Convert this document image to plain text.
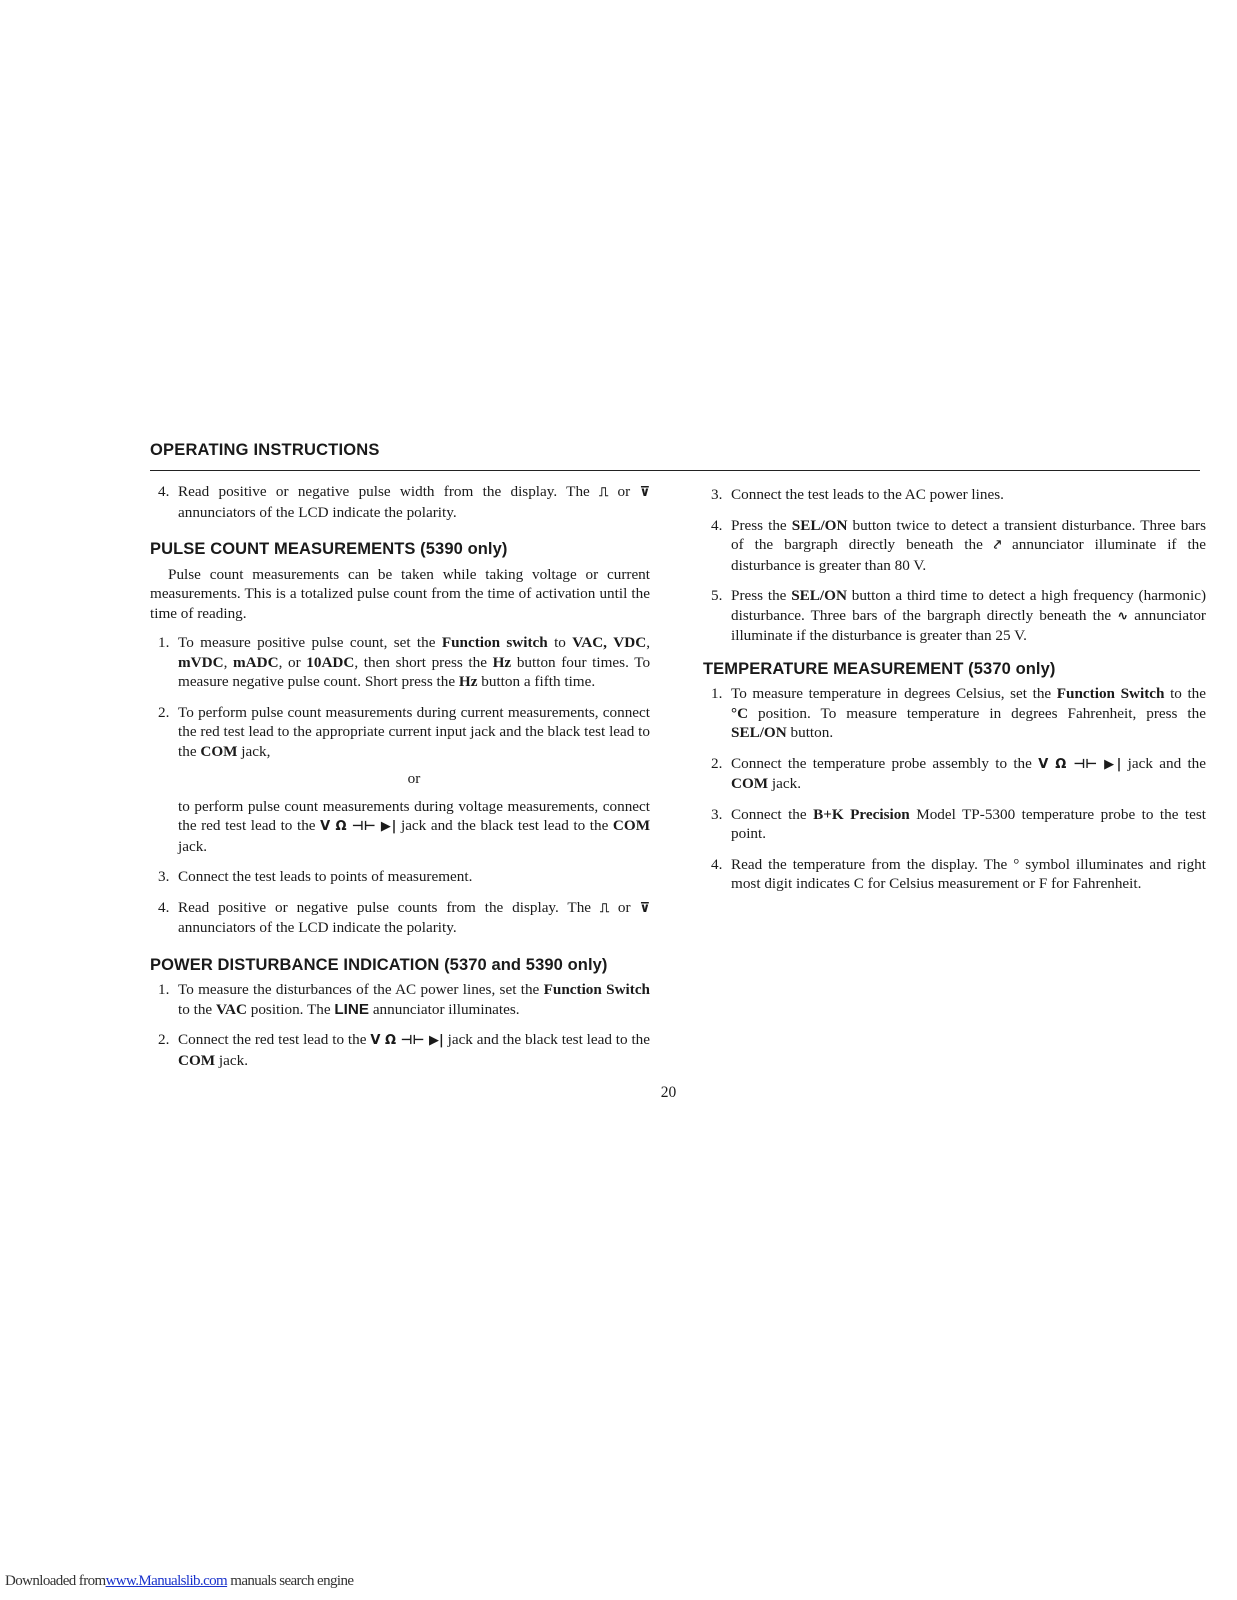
OPERATING INSTRUCTIONS
4. Read positive or negative pulse width from the display. The ⎍ or ⊽ annunciators of the LCD indicate the polarity.
PULSE COUNT MEASUREMENTS (5390 only)
Pulse count measurements can be taken while taking voltage or current measurements. This is a totalized pulse count from the time of activation until the time of reading.
1. To measure positive pulse count, set the Function switch to VAC, VDC, mVDC, mADC, or 10ADC, then short press the Hz button four times. To measure negative pulse count. Short press the Hz button a fifth time.
2. To perform pulse count measurements during current measurements, connect the red test lead to the appropriate current input jack and the black test lead to the COM jack,
or
to perform pulse count measurements during voltage measurements, connect the red test lead to the V Ω ⊣⊢ ▶| jack and the black test lead to the COM jack.
3. Connect the test leads to points of measurement.
4. Read positive or negative pulse counts from the display. The ⎍ or ⊽ annunciators of the LCD indicate the polarity.
POWER DISTURBANCE INDICATION (5370 and 5390 only)
1. To measure the disturbances of the AC power lines, set the Function Switch to the VAC position. The LINE annunciator illuminates.
2. Connect the red test lead to the V Ω ⊣⊢ ▶| jack and the black test lead to the COM jack.
3. Connect the test leads to the AC power lines.
4. Press the SEL/ON button twice to detect a transient disturbance. Three bars of the bargraph directly beneath the ⤤ annunciator illuminate if the disturbance is greater than 80 V.
5. Press the SEL/ON button a third time to detect a high frequency (harmonic) disturbance. Three bars of the bargraph directly beneath the ∿ annunciator illuminate if the disturbance is greater than 25 V.
TEMPERATURE MEASUREMENT (5370 only)
1. To measure temperature in degrees Celsius, set the Function Switch to the °C position. To measure temperature in degrees Fahrenheit, press the SEL/ON button.
2. Connect the temperature probe assembly to the V Ω ⊣⊢ ▶| jack and the COM jack.
3. Connect the B+K Precision Model TP-5300 temperature probe to the test point.
4. Read the temperature from the display. The ° symbol illuminates and right most digit indicates C for Celsius measurement or F for Fahrenheit.
20
Downloaded fromwww.Manualslib.com manuals search engine
